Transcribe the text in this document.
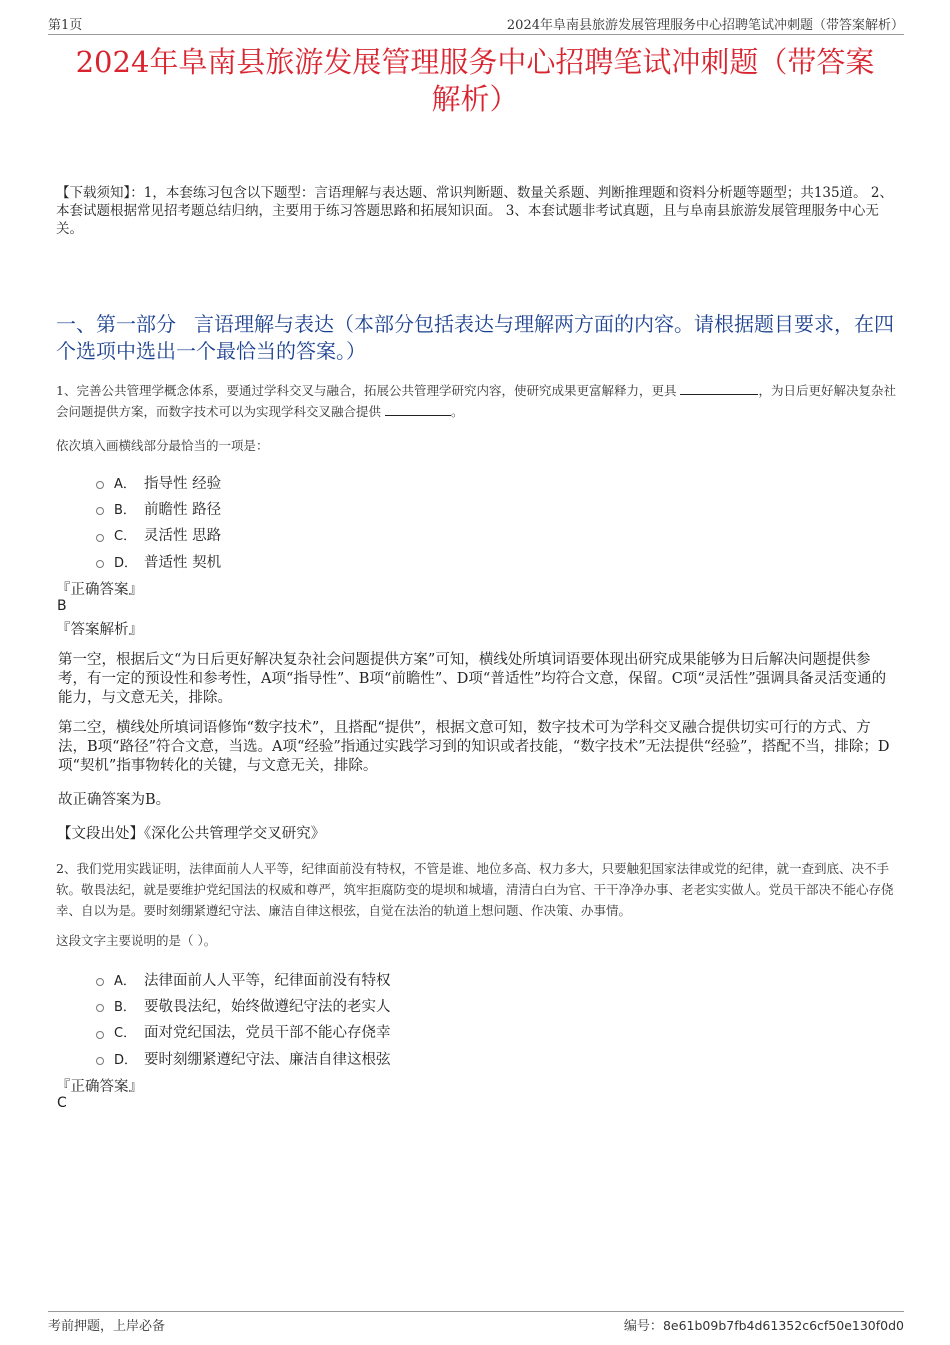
第1页	2024年阜南县旅游发展管理服务中心招聘笔试冲刺题（带答案解析）
2024年阜南县旅游发展管理服务中心招聘笔试冲刺题（带答案
解析）
【下载须知】：1，本套练习包含以下题型：言语理解与表达题、常识判断题、数量关系题、判断推理题和资料分析题等题型；共135道。 2、本套试题根据常见招考题总结归纳，主要用于练习答题思路和拓展知识面。 3、本套试题非考试真题，且与阜南县旅游发展管理服务中心无关。
一、第一部分 言语理解与表达（本部分包括表达与理解两方面的内容。请根据题目要求，在四个选项中选出一个最恰当的答案。）
1、完善公共管理学概念体系，要通过学科交叉与融合，拓展公共管理学研究内容，使研究成果更富解释力，更具	，为日后更好解决复杂社会问题提供方案，而数字技术可以为实现学科交叉融合提供	。
依次填入画横线部分最恰当的一项是：
A． 指导性 经验
B． 前瞻性 路径
C． 灵活性 思路
D． 普适性 契机
『正确答案』
B
『答案解析』
第一空，根据后文“为日后更好解决复杂社会问题提供方案”可知，横线处所填词语要体现出研究成果能够为日后解决问题提供参考，有一定的预设性和参考性，A项“指导性”、B项“前瞻性”、D项“普适性”均符合文意，保留。C项“灵活性”强调具备灵活变通的能力，与文意无关，排除。
第二空，横线处所填词语修饰“数字技术”，且搭配“提供”，根据文意可知，数字技术可为学科交叉融合提供切实可行的方式、方法，B项“路径”符合文意，当选。A项“经验”指通过实践学习到的知识或者技能，“数字技术”无法提供“经验”，搭配不当，排除；D项“契机”指事物转化的关键，与文意无关，排除。
故正确答案为B。
【文段出处】《深化公共管理学交叉研究》
2、我们党用实践证明，法律面前人人平等，纪律面前没有特权，不管是谁、地位多高、权力多大，只要触犯国家法律或党的纪律，就一查到底、决不手软。敬畏法纪，就是要维护党纪国法的权威和尊严，筑牢拒腐防变的堤坝和城墙，清清白白为官、干干净净办事、老老实实做人。党员干部决不能心存侥幸、自以为是。要时刻绷紧遵纪守法、廉洁自律这根弦，自觉在法治的轨道上想问题、作决策、办事情。
这段文字主要说明的是（ ）。
A． 法律面前人人平等，纪律面前没有特权
B． 要敬畏法纪，始终做遵纪守法的老实人
C． 面对党纪国法，党员干部不能心存侥幸
D． 要时刻绷紧遵纪守法、廉洁自律这根弦
『正确答案』
C
考前押题，上岸必备	编号：8e61b09b7fb4d61352c6cf50e130f0d0
